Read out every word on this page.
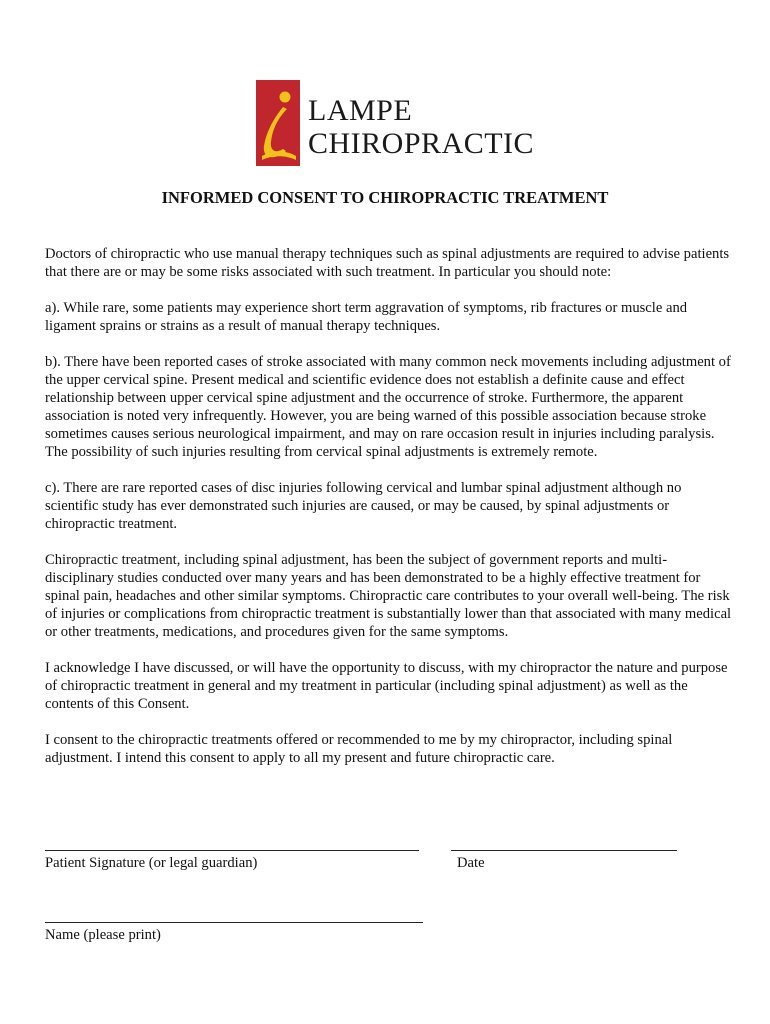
LAMPE
CHIROPRACTIC
INFORMED CONSENT TO CHIROPRACTIC TREATMENT

Doctors of chiropractic who use manual therapy techniques such as spinal adjustments are required to advise patients that there are or may be some risks associated with such treatment. In particular you should note:

a). While rare, some patients may experience short term aggravation of symptoms, rib fractures or muscle and ligament sprains or strains as a result of manual therapy techniques.

b). There have been reported cases of stroke associated with many common neck movements including adjustment of the upper cervical spine. Present medical and scientific evidence does not establish a definite cause and effect relationship between upper cervical spine adjustment and the occurrence of stroke. Furthermore, the apparent association is noted very infrequently. However, you are being warned of this possible association because stroke sometimes causes serious neurological impairment, and may on rare occasion result in injuries including paralysis. The possibility of such injuries resulting from cervical spinal adjustments is extremely remote.

c). There are rare reported cases of disc injuries following cervical and lumbar spinal adjustment although no scientific study has ever demonstrated such injuries are caused, or may be caused, by spinal adjustments or chiropractic treatment.

Chiropractic treatment, including spinal adjustment, has been the subject of government reports and multi-disciplinary studies conducted over many years and has been demonstrated to be a highly effective treatment for spinal pain, headaches and other similar symptoms. Chiropractic care contributes to your overall well-being. The risk of injuries or complications from chiropractic treatment is substantially lower than that associated with many medical or other treatments, medications, and procedures given for the same symptoms.

I acknowledge I have discussed, or will have the opportunity to discuss, with my chiropractor the nature and purpose of chiropractic treatment in general and my treatment in particular (including spinal adjustment) as well as the contents of this Consent.

I consent to the chiropractic treatments offered or recommended to me by my chiropractor, including spinal adjustment. I intend this consent to apply to all my present and future chiropractic care.

Patient Signature (or legal guardian)	Date
Name (please print)
